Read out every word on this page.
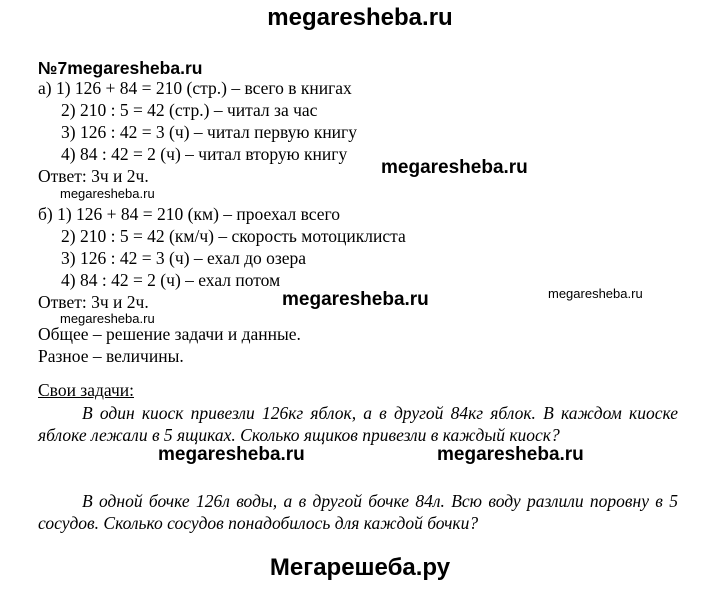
megaresheba.ru
№7megaresheba.ru
а) 1) 126 + 84 = 210 (стр.) – всего в книгах
2) 210 : 5 = 42 (стр.) – читал за час
3) 126 : 42 = 3 (ч) – читал первую книгу
4) 84 : 42 = 2 (ч) – читал вторую книгу
megaresheba.ru
Ответ: 3ч и 2ч.
megaresheba.ru
б) 1) 126 + 84 = 210 (км) – проехал всего
2) 210 : 5 = 42 (км/ч) – скорость мотоциклиста
3) 126 : 42 = 3 (ч) – ехал до озера
4) 84 : 42 = 2 (ч) – ехал потом
Ответ: 3ч и 2ч.	megaresheba.ru	megaresheba.ru
megaresheba.ru
Общее – решение задачи и данные.
Разное – величины.
Свои задачи:
В один киоск привезли 126кг яблок, а в другой 84кг яблок. В каждом киоске яблоке лежали в 5 ящиках. Сколько ящиков привезли в каждый киоск?
megaresheba.ru	megaresheba.ru
В одной бочке 126л воды, а в другой бочке 84л. Всю воду разлили поровну в 5 сосудов. Сколько сосудов понадобилось для каждой бочки?
Мегарешеба.ру
